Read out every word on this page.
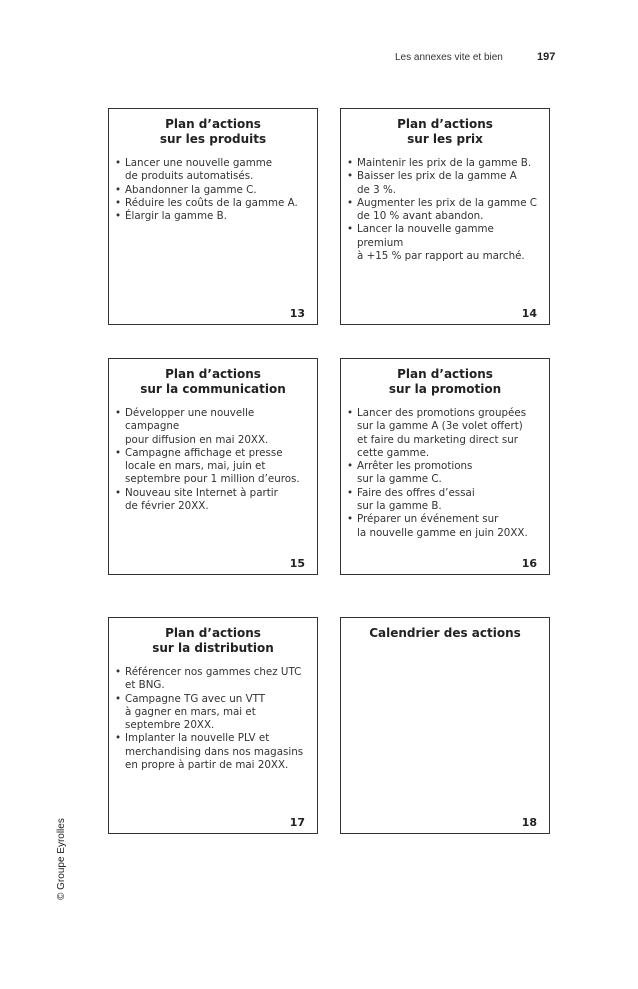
Les annexes vite et bien	197
© Groupe Eyrolles
Plan d’actions
sur les produits
• Lancer une nouvelle gamme
de produits automatisés.
• Abandonner la gamme C.
• Réduire les coûts de la gamme A.
• Élargir la gamme B.
13
Plan d’actions
sur les prix
• Maintenir les prix de la gamme B.
• Baisser les prix de la gamme A
de 3 %.
• Augmenter les prix de la gamme C
de 10 % avant abandon.
• Lancer la nouvelle gamme premium
à +15 % par rapport au marché.
14
Plan d’actions
sur la communication
• Développer une nouvelle campagne
pour diffusion en mai 20XX.
• Campagne affichage et presse
locale en mars, mai, juin et
septembre pour 1 million d’euros.
• Nouveau site Internet à partir
de février 20XX.
15
Plan d’actions
sur la promotion
• Lancer des promotions groupées
sur la gamme A (3e volet offert)
et faire du marketing direct sur
cette gamme.
• Arrêter les promotions
sur la gamme C.
• Faire des offres d’essai
sur la gamme B.
• Préparer un événement sur
la nouvelle gamme en juin 20XX.
16
Plan d’actions
sur la distribution
• Référencer nos gammes chez UTC
et BNG.
• Campagne TG avec un VTT
à gagner en mars, mai et
septembre 20XX.
• Implanter la nouvelle PLV et
merchandising dans nos magasins
en propre à partir de mai 20XX.
17
Calendrier des actions
18
